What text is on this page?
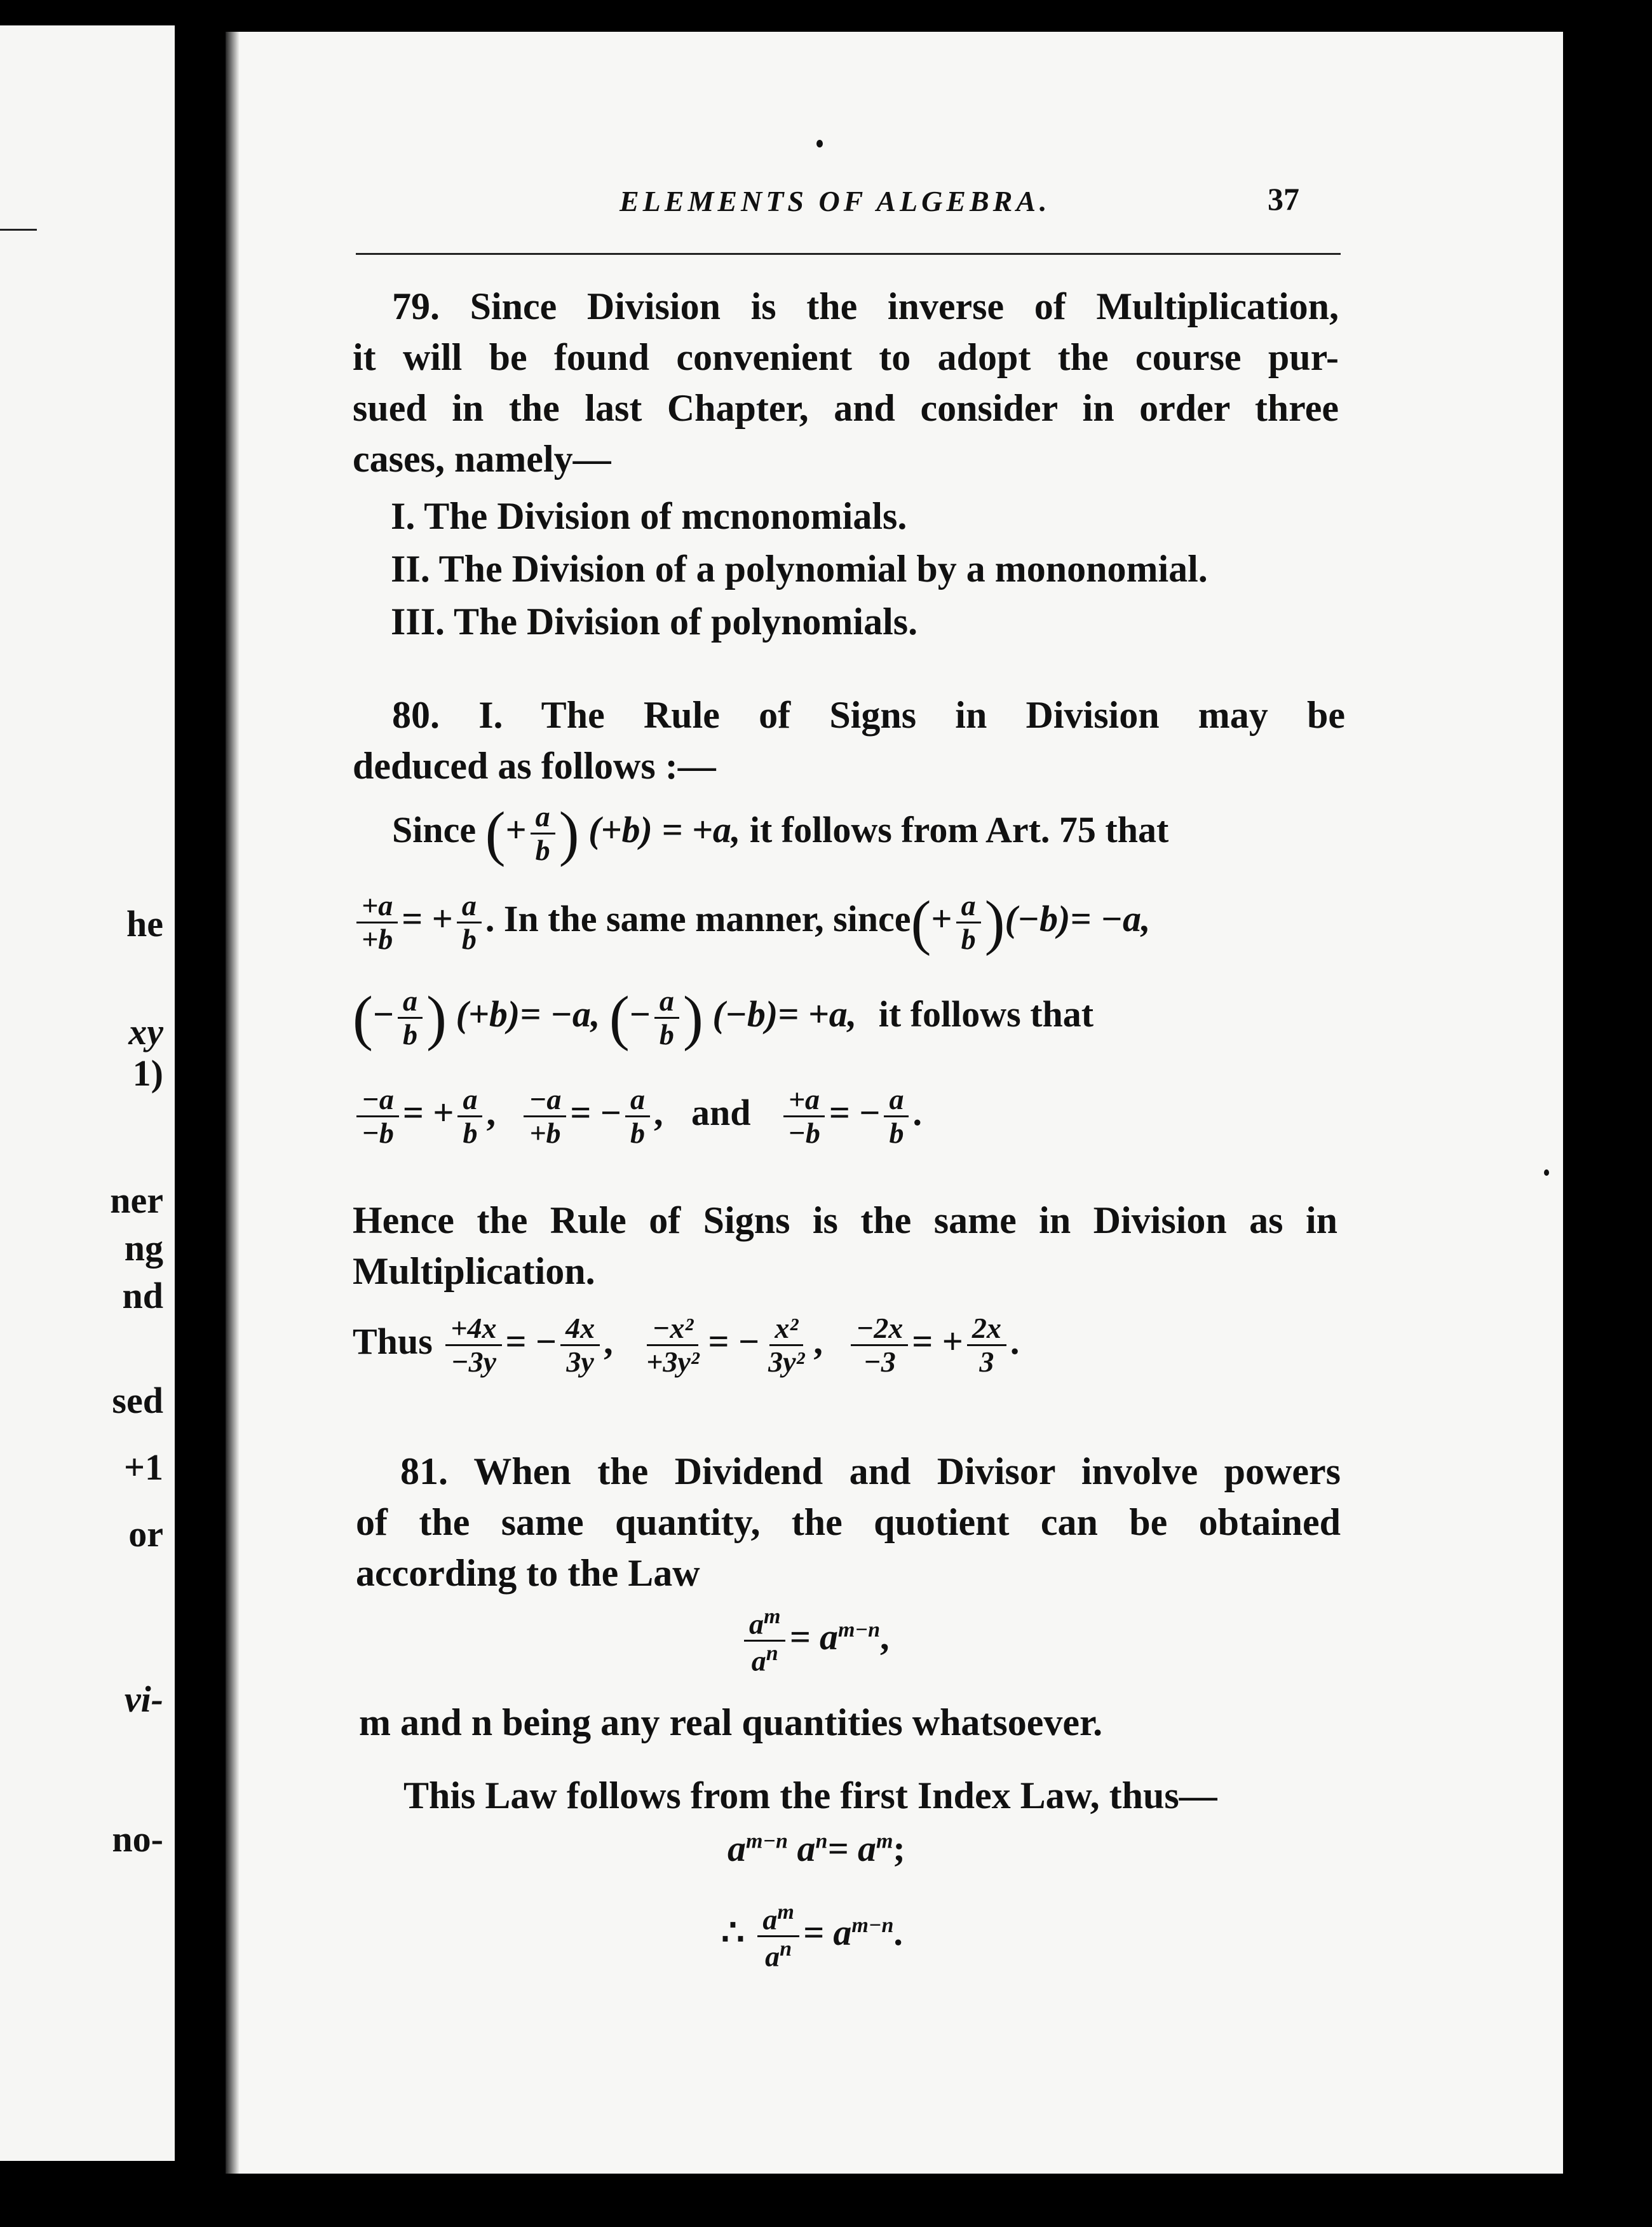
he
xy
1)
ner
ng
nd
sed
+1
or
vi-
no-
ELEMENTS OF ALGEBRA.	37
79. Since Division is the inverse of Multiplication,
it will be found convenient to adopt the course pur-
sued in the last Chapter, and consider in order three
cases, namely—
I. The Division of mcnonomials.
II. The Division of a polynomial by a mononomial.
III. The Division of polynomials.
80. I. The Rule of Signs in Division may be
deduced as follows :—
Since (+ $\frac{a}{b}$ ) (+b) = +a, it follows from Art. 75 that
$\frac{+a}{+b}$ = + $\frac{a}{b}$ . In the same manner, since(+ $\frac{a}{b} )(-b)= -a$,
(− $\frac{a}{b}$ ) (+b)= −a, (− $\frac{a}{b}$ ) (−b)= +a, it follows that
$\frac{-a}{-b}$ = + $\frac{a}{b}$ , $\frac{-a}{+b}$ = − $\frac{a}{b}$ , and $\frac{+a}{-b}$ = − $\frac{a}{b}$ .
Hence the Rule of Signs is the same in Division as in
Multiplication.
Thus $\frac{+4x}{-3y}$ = − $\frac{4x}{3y}$ , $\frac{\text{−x²}}{\text{+3y²}}$ = − $\frac{\text{x²}}{\text{3y²}}$ , $\frac{-2x}{-3}$ = + $\frac{2x}{3}$ .
81. When the Dividend and Divisor involve powers
of the same quantity, the quotient can be obtained
according to the Law
$\frac{a^m}{a^n} = a^{m-n}$,
m and n being any real quantities whatsoever.
This Law follows from the first Index Law, thus—
$a^{m-n}$ $a^n= a^m$;
∴ $\frac{a^m}{a^n} = a^{m-n}$.
